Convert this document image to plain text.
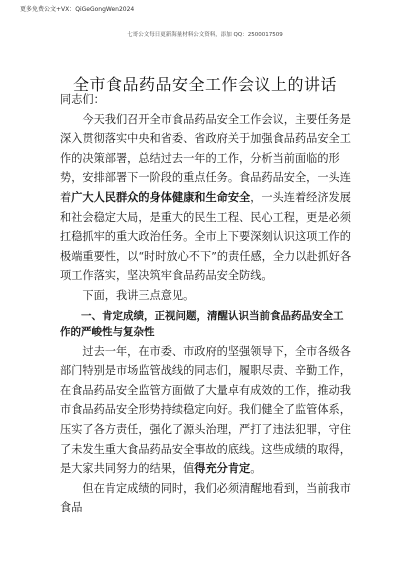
更多免费公文+VX：QiGeGongWen2024
七哥公文每日更新海量材料公文资料，添加 QQ：2500017509
全市食品药品安全工作会议上的讲话

同志们：

今天我们召开全市食品药品安全工作会议，主要任务是深入贯彻落实中央和省委、省政府关于加强食品药品安全工作的决策部署，总结过去一年的工作，分析当前面临的形势，安排部署下一阶段的重点任务。食品药品安全，一头连着广大人民群众的身体健康和生命安全，一头连着经济发展和社会稳定大局，是重大的民生工程、民心工程，更是必须扛稳抓牢的重大政治任务。全市上下要深刻认识这项工作的极端重要性，以“时时放心不下”的责任感，全力以赴抓好各项工作落实，坚决筑牢食品药品安全防线。

下面，我讲三点意见。

一、肯定成绩，正视问题，清醒认识当前食品药品安全工作的严峻性与复杂性

过去一年，在市委、市政府的坚强领导下，全市各级各部门特别是市场监管战线的同志们，履职尽责、辛勤工作，在食品药品安全监管方面做了大量卓有成效的工作，推动我市食品药品安全形势持续稳定向好。我们健全了监管体系，压实了各方责任，强化了源头治理，严打了违法犯罪，守住了未发生重大食品药品安全事故的底线。这些成绩的取得，是大家共同努力的结果，值得充分肯定。

但在肯定成绩的同时，我们必须清醒地看到，当前我市食品
